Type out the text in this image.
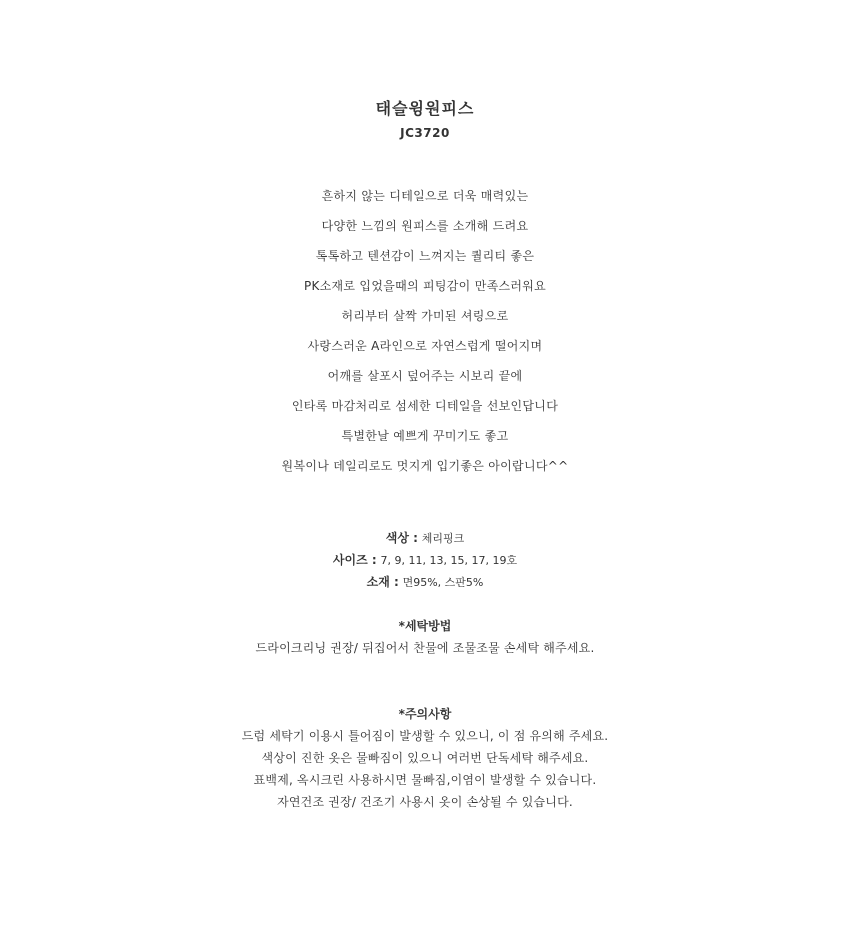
태슬윙원피스
JC3720
흔하지 않는 디테일으로 더욱 매력있는
다양한 느낌의 원피스를 소개해 드려요
톡톡하고 텐션감이 느껴지는 퀄리티 좋은
PK소재로 입었을때의 피팅감이 만족스러워요
허리부터 살짝 가미된 셔링으로
사랑스러운 A라인으로 자연스럽게 떨어지며
어깨를 살포시 덮어주는 시보리 끝에
인타록 마감처리로 섬세한 디테일을 선보인답니다
특별한날 예쁘게 꾸미기도 좋고
원복이나 데일리로도 멋지게 입기좋은 아이랍니다^^
색상 : 체리핑크
사이즈 : 7, 9, 11, 13, 15, 17, 19호
소재 : 면95%, 스판5%
*세탁방법
드라이크리닝 권장/ 뒤집어서 찬물에 조물조물 손세탁 해주세요.
*주의사항
드럼 세탁기 이용시 틀어짐이 발생할 수 있으니, 이 점 유의해 주세요.
색상이 진한 옷은 물빠짐이 있으니 여러번 단독세탁 해주세요.
표백제, 옥시크린 사용하시면 물빠짐,이염이 발생할 수 있습니다.
자연건조 권장/ 건조기 사용시 옷이 손상될 수 있습니다.
